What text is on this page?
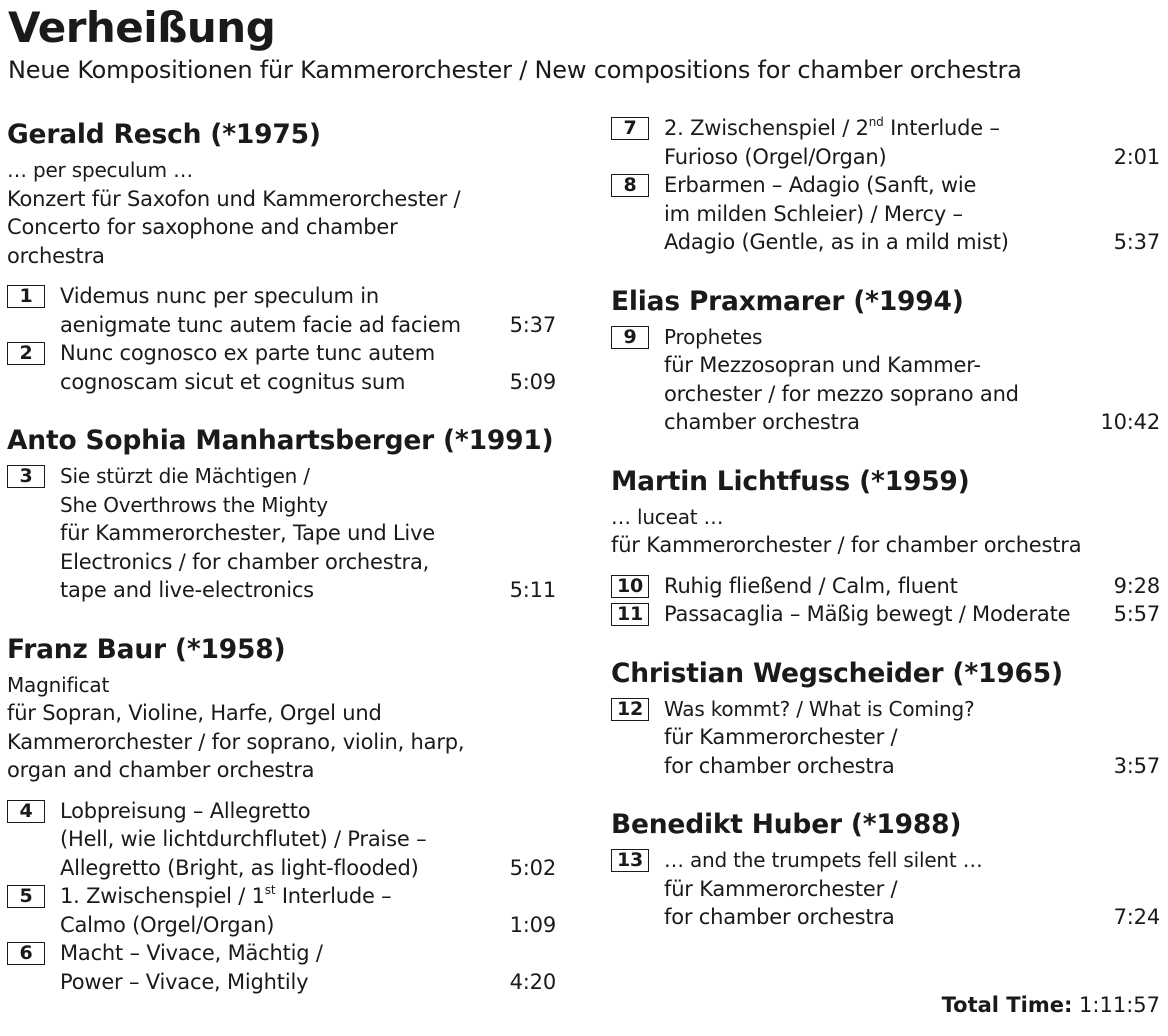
Verheißung
Neue Kompositionen für Kammerorchester / New compositions for chamber orchestra
Gerald Resch (*1975)
… per speculum …
Konzert für Saxofon und Kammerorchester /
Concerto for saxophone and chamber
orchestra
1	Videmus nunc per speculum in
aenigmate tunc autem facie ad faciem	5:37
2	Nunc cognosco ex parte tunc autem
cognoscam sicut et cognitus sum	5:09
Anto Sophia Manhartsberger (*1991)
3	Sie stürzt die Mächtigen /
She Overthrows the Mighty
für Kammerorchester, Tape und Live
Electronics / for chamber orchestra,
tape and live-electronics	5:11
Franz Baur (*1958)
Magnificat
für Sopran, Violine, Harfe, Orgel und
Kammerorchester / for soprano, violin, harp,
organ and chamber orchestra
4	Lobpreisung – Allegretto
(Hell, wie lichtdurchflutet) / Praise –
Allegretto (Bright, as light-flooded)	5:02
5	1. Zwischenspiel / 1st Interlude –
Calmo (Orgel/Organ)	1:09
6	Macht – Vivace, Mächtig /
Power – Vivace, Mightily	4:20
7	2. Zwischenspiel / 2nd Interlude –
Furioso (Orgel/Organ)	2:01
8	Erbarmen – Adagio (Sanft, wie
im milden Schleier) / Mercy –
Adagio (Gentle, as in a mild mist)	5:37
Elias Praxmarer (*1994)
9	Prophetes
für Mezzosopran und Kammer-
orchester / for mezzo soprano and
chamber orchestra	10:42
Martin Lichtfuss (*1959)
… luceat …
für Kammerorchester / for chamber orchestra
10 Ruhig fließend / Calm, fluent	9:28
11 Passacaglia – Mäßig bewegt / Moderate	5:57
Christian Wegscheider (*1965)
12 Was kommt? / What is Coming?
für Kammerorchester /
for chamber orchestra	3:57
Benedikt Huber (*1988)
13 … and the trumpets fell silent …
für Kammerorchester /
for chamber orchestra	7:24
Total Time: 1:11:57
